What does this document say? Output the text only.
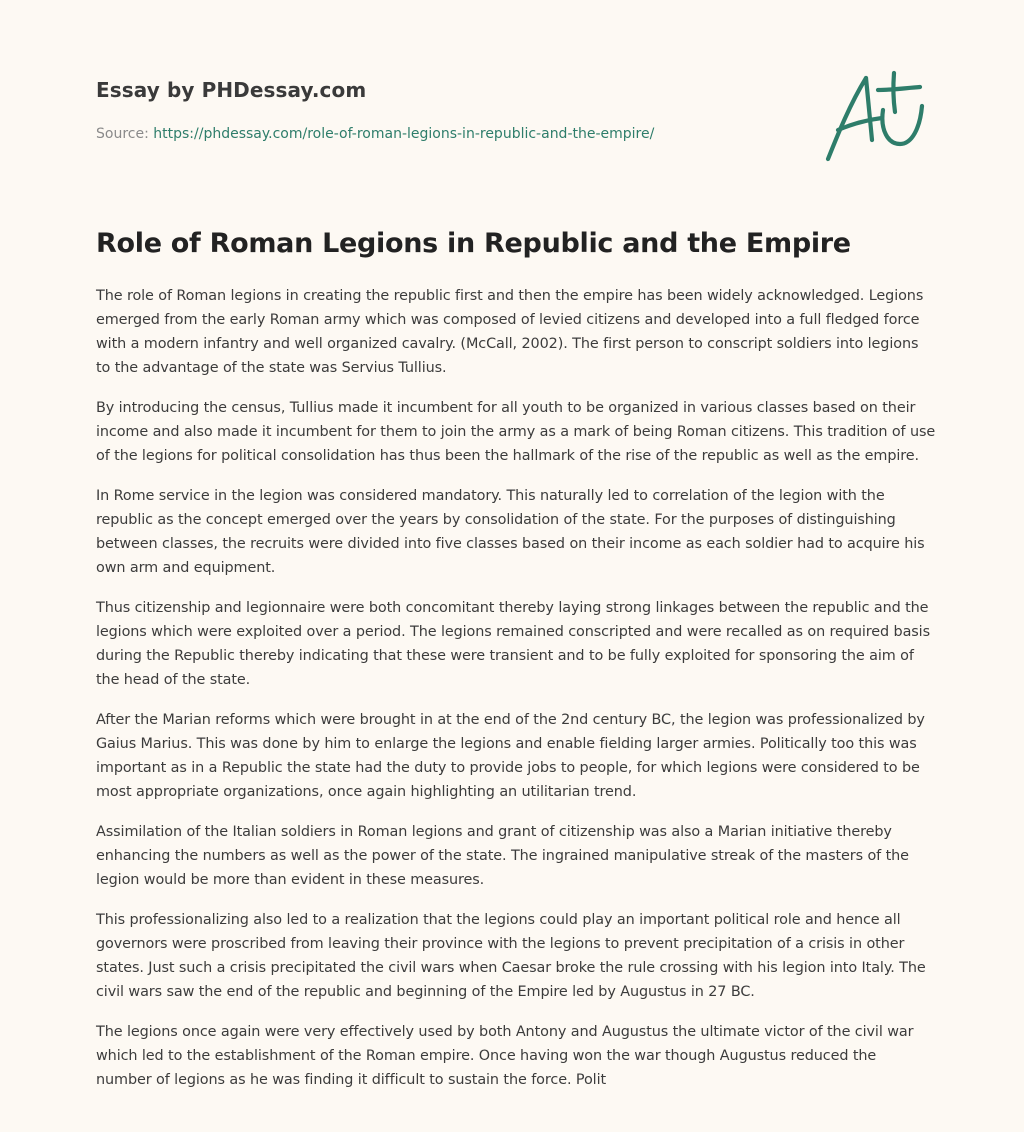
Essay by PHDessay.com
Source: https://phdessay.com/role-of-roman-legions-in-republic-and-the-empire/
Role of Roman Legions in Republic and the Empire

The role of Roman legions in creating the republic first and then the empire has been widely acknowledged. Legions emerged from the early Roman army which was composed of levied citizens and developed into a full fledged force with a modern infantry and well organized cavalry. (McCall, 2002). The first person to conscript soldiers into legions to the advantage of the state was Servius Tullius.

By introducing the census, Tullius made it incumbent for all youth to be organized in various classes based on their income and also made it incumbent for them to join the army as a mark of being Roman citizens. This tradition of use of the legions for political consolidation has thus been the hallmark of the rise of the republic as well as the empire.

In Rome service in the legion was considered mandatory. This naturally led to correlation of the legion with the republic as the concept emerged over the years by consolidation of the state. For the purposes of distinguishing between classes, the recruits were divided into five classes based on their income as each soldier had to acquire his own arm and equipment.

Thus citizenship and legionnaire were both concomitant thereby laying strong linkages between the republic and the legions which were exploited over a period. The legions remained conscripted and were recalled as on required basis during the Republic thereby indicating that these were transient and to be fully exploited for sponsoring the aim of the head of the state.

After the Marian reforms which were brought in at the end of the 2nd century BC, the legion was professionalized by Gaius Marius. This was done by him to enlarge the legions and enable fielding larger armies. Politically too this was important as in a Republic the state had the duty to provide jobs to people, for which legions were considered to be most appropriate organizations, once again highlighting an utilitarian trend.

Assimilation of the Italian soldiers in Roman legions and grant of citizenship was also a Marian initiative thereby enhancing the numbers as well as the power of the state. The ingrained manipulative streak of the masters of the legion would be more than evident in these measures.

This professionalizing also led to a realization that the legions could play an important political role and hence all governors were proscribed from leaving their province with the legions to prevent precipitation of a crisis in other states. Just such a crisis precipitated the civil wars when Caesar broke the rule crossing with his legion into Italy. The civil wars saw the end of the republic and beginning of the Empire led by Augustus in 27 BC.

The legions once again were very effectively used by both Antony and Augustus the ultimate victor of the civil war which led to the establishment of the Roman empire. Once having won the war though Augustus reduced the number of legions as he was finding it difficult to sustain the force. Polit
